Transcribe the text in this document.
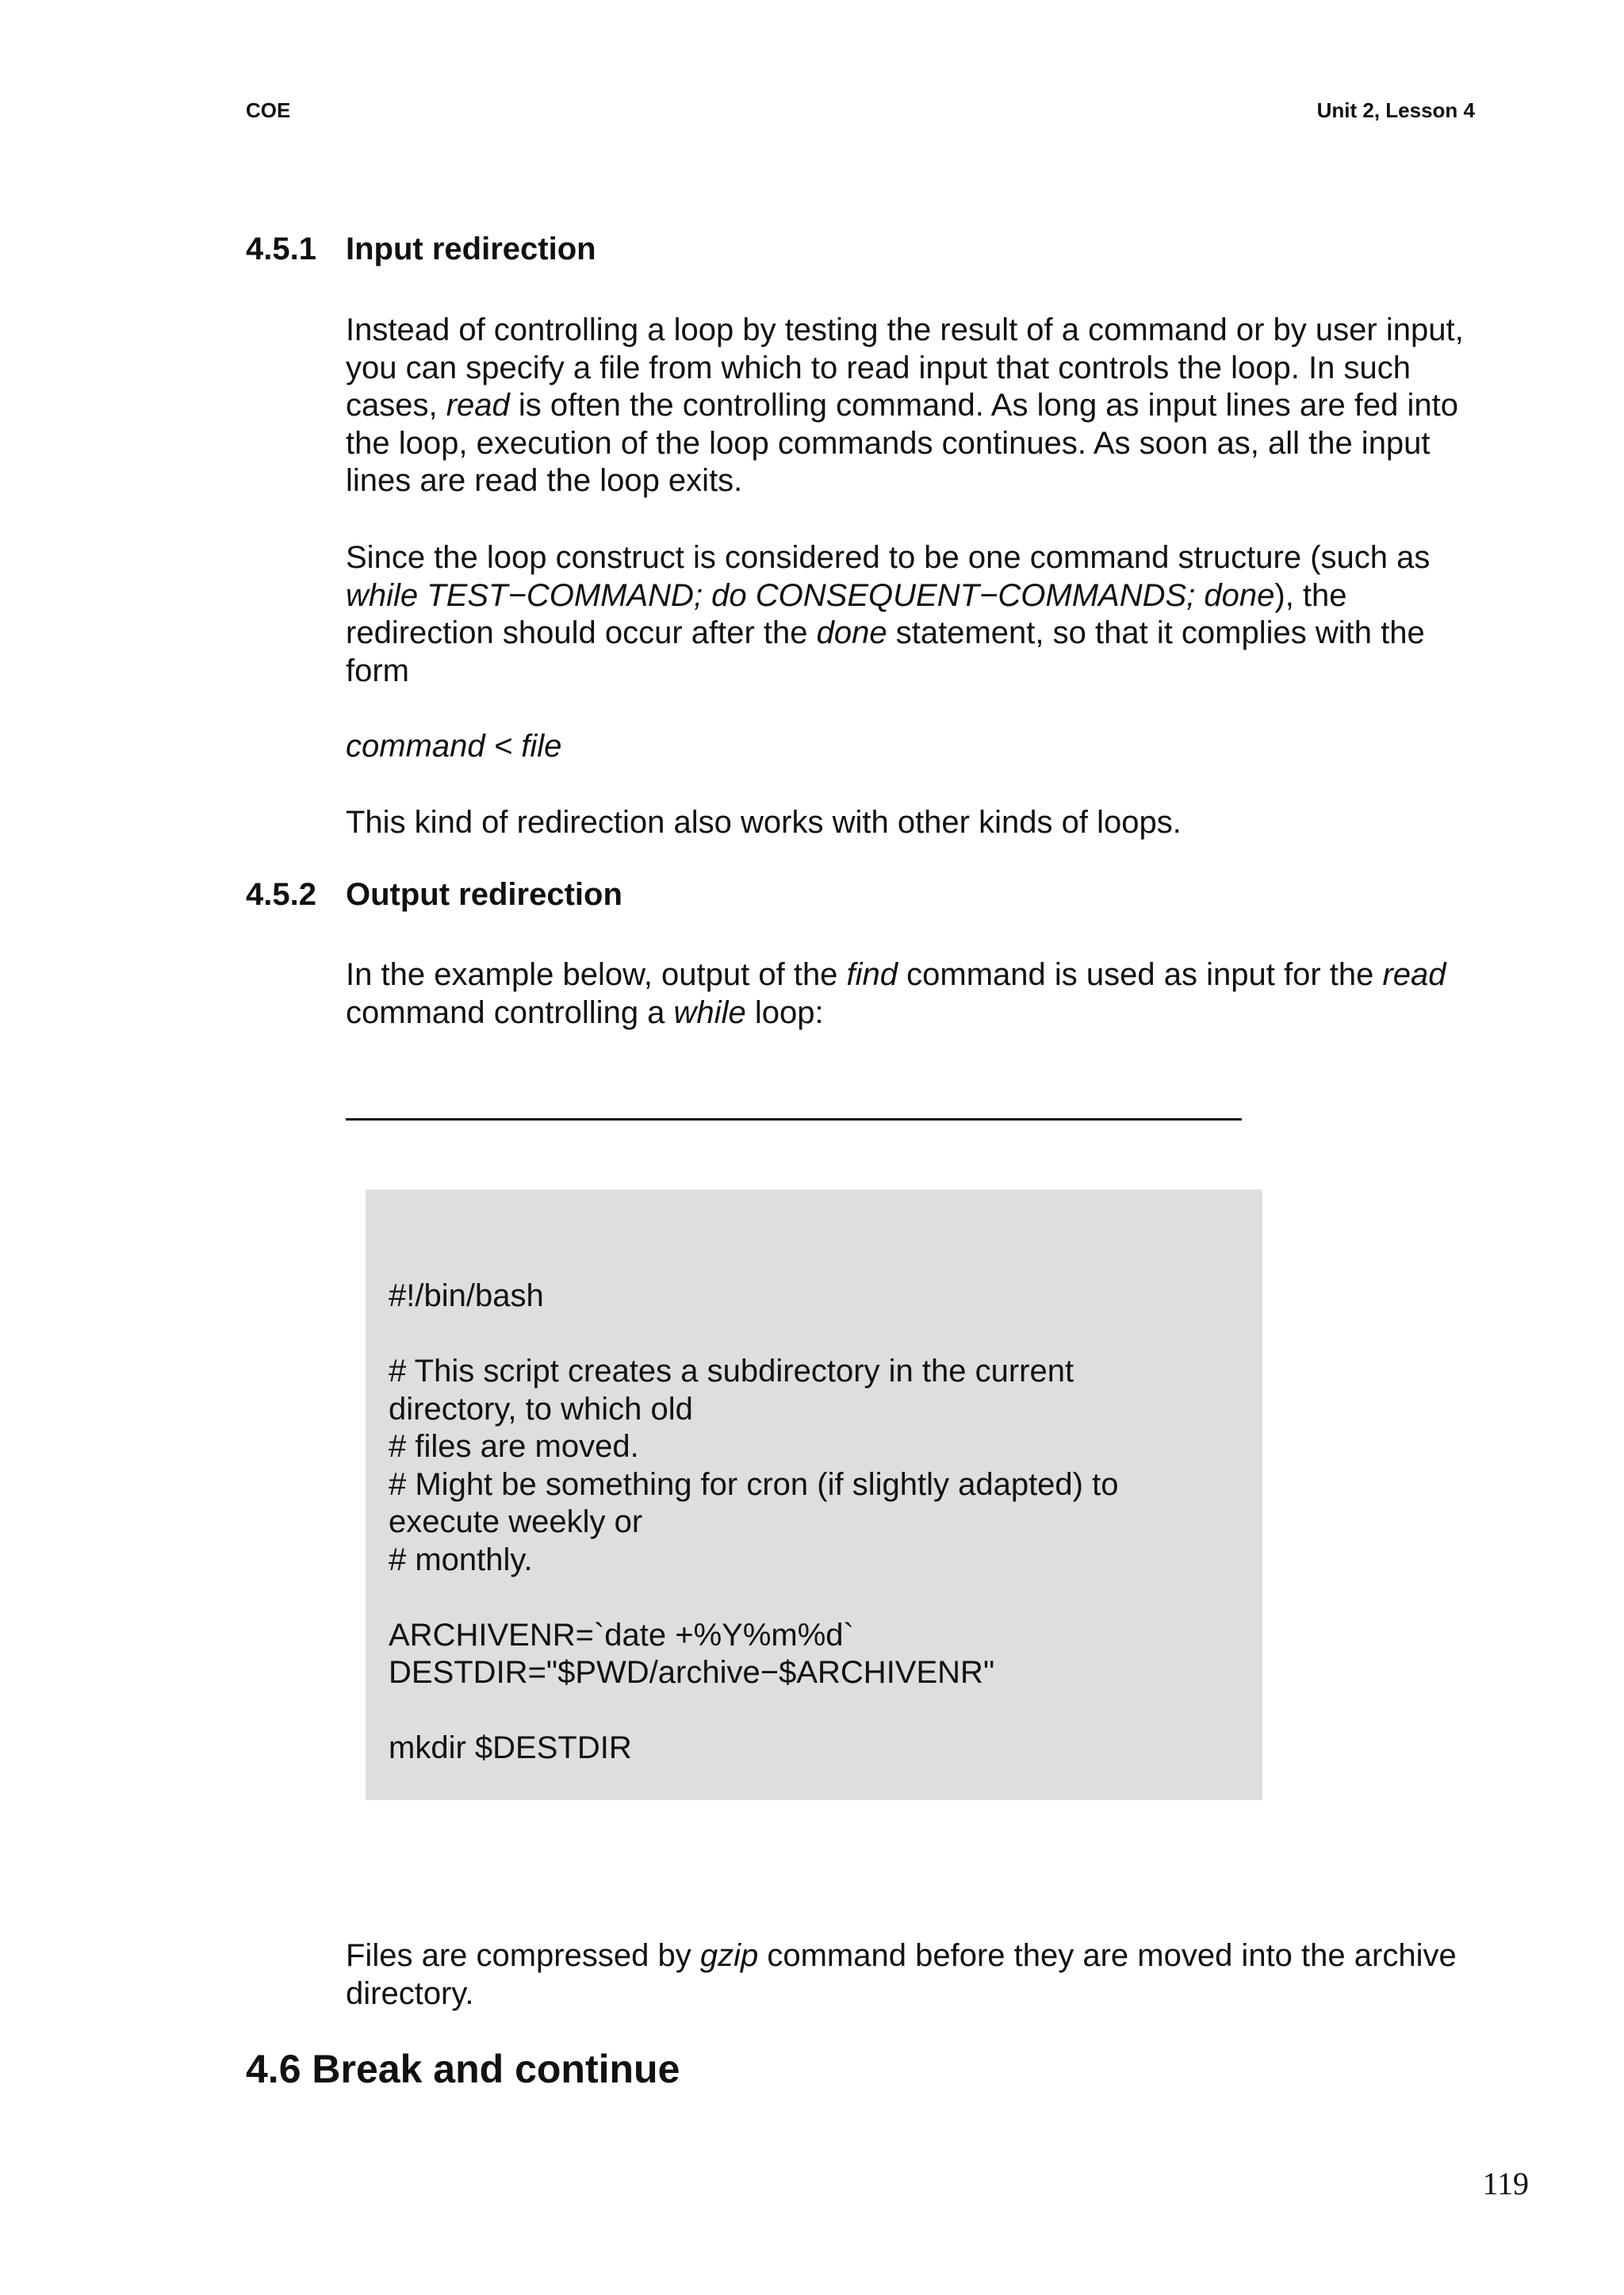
COE	Unit 2, Lesson 4
4.5.1 Input redirection

Instead of controlling a loop by testing the result of a command or by user input, you can specify a file from which to read input that controls the loop. In such cases, read is often the controlling command. As long as input lines are fed into the loop, execution of the loop commands continues. As soon as, all the input lines are read the loop exits.

Since the loop construct is considered to be one command structure (such as while TEST−COMMAND; do CONSEQUENT−COMMANDS; done), the redirection should occur after the done statement, so that it complies with the form

command < file

This kind of redirection also works with other kinds of loops.

4.5.2 Output redirection

In the example below, output of the find command is used as input for the read command controlling a while loop:

#!/bin/bash
# This script creates a subdirectory in the current
directory, to which old
# files are moved.
# Might be something for cron (if slightly adapted) to
execute weekly or
# monthly.
ARCHIVENR=`date +%Y%m%d`
DESTDIR="$PWD/archive−$ARCHIVENR"
mkdir $DESTDIR

Files are compressed by gzip command before they are moved into the archive directory.

4.6 Break and continue
119
